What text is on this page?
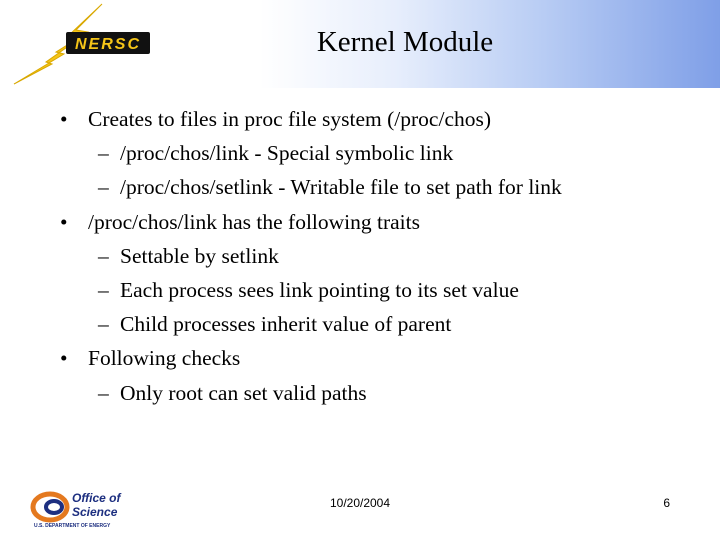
NERSC	Kernel Module
• Creates to files in proc file system (/proc/chos)
– /proc/chos/link - Special symbolic link
– /proc/chos/setlink - Writable file to set path for link
• /proc/chos/link has the following traits
– Settable by setlink
– Each process sees link pointing to its set value
– Child processes inherit value of parent
• Following checks
– Only root can set valid paths
Office of
Science
U.S. DEPARTMENT OF ENERGY
10/20/2004	6
